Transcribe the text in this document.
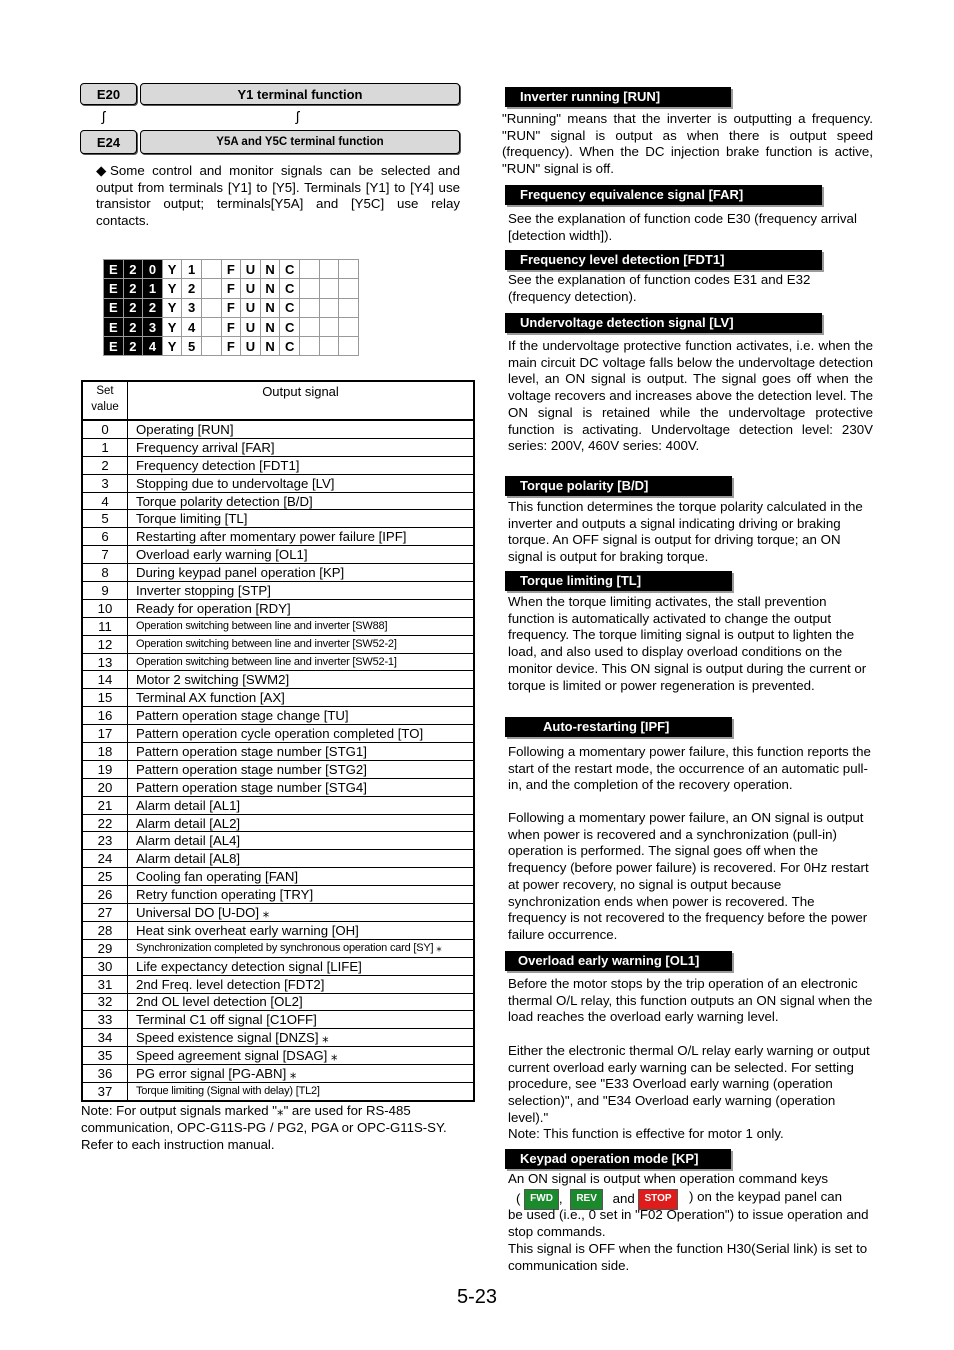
E20	Y1 terminal function
ʃ	ʃ
E24	Y5A and Y5C terminal function
◆Some control and monitor signals can be selected and output from terminals [Y1] to [Y5]. Terminals [Y1] to [Y4] use transistor output; terminals[Y5A] and [Y5C] use relay contacts.
E	2	0	Y	1		F	U	N	C			
E	2	1	Y	2		F	U	N	C			
E	2	2	Y	3		F	U	N	C			
E	2	3	Y	4		F	U	N	C			
E	2	4	Y	5		F	U	N	C			
Set
value	Output signal
0	Operating [RUN]
1	Frequency arrival [FAR]
2	Frequency detection [FDT1]
3	Stopping due to undervoltage [LV]
4	Torque polarity detection [B/D]
5	Torque limiting [TL]
6	Restarting after momentary power failure [IPF]
7	Overload early warning [OL1]
8	During keypad panel operation [KP]
9	Inverter stopping [STP]
10	Ready for operation [RDY]
11	Operation switching between line and inverter [SW88]
12	Operation switching between line and inverter [SW52-2]
13	Operation switching between line and inverter [SW52-1]
14	Motor 2 switching [SWM2]
15	Terminal AX function [AX]
16	Pattern operation stage change [TU]
17	Pattern operation cycle operation completed [TO]
18	Pattern operation stage number [STG1]
19	Pattern operation stage number [STG2]
20	Pattern operation stage number [STG4]
21	Alarm detail [AL1]
22	Alarm detail [AL2]
23	Alarm detail [AL4]
24	Alarm detail [AL8]
25	Cooling fan operating [FAN]
26	Retry function operating [TRY]
27	Universal DO [U-DO] ⁎
28	Heat sink overheat early warning [OH]
29	Synchronization completed by synchronous operation card [SY] ⁎
30	Life expectancy detection signal [LIFE]
31	2nd Freq. level detection [FDT2]
32	2nd OL level detection [OL2]
33	Terminal C1 off signal [C1OFF]
34	Speed existence signal [DNZS] ⁎
35	Speed agreement signal [DSAG] ⁎
36	PG error signal [PG-ABN] ⁎
37	Torque limiting (Signal with delay) [TL2]
Note: For output signals marked "⁎" are used for RS-485 communication, OPC-G11S-PG / PG2, PGA or OPC-G11S-SY. Refer to each instruction manual.
Inverter running [RUN]
"Running" means that the inverter is outputting a frequency. "RUN" signal is output as when there is output speed (frequency). When the DC injection brake function is active, "RUN" signal is off.
Frequency equivalence signal [FAR]
See the explanation of function code E30 (frequency arrival [detection width]).
Frequency level detection [FDT1]
See the explanation of function codes E31 and E32 (frequency detection).
Undervoltage detection signal [LV]
If the undervoltage protective function activates, i.e. when the main circuit DC voltage falls below the undervoltage detection level, an ON signal is output. The signal goes off when the voltage recovers and increases above the detection level. The ON signal is retained while the undervoltage protective function is activating. Undervoltage detection level: 230V series: 200V, 460V series: 400V.
Torque polarity [B/D]
This function determines the torque polarity calculated in the inverter and outputs a signal indicating driving or braking torque. An OFF signal is output for driving torque; an ON signal is output for braking torque.
Torque limiting [TL]
When the torque limiting activates, the stall prevention function is automatically activated to change the output frequency. The torque limiting signal is output to lighten the load, and also used to display overload conditions on the monitor device. This ON signal is output during the current or torque is limited or power regeneration is prevented.
Auto-restarting [IPF]
Following a momentary power failure, this function reports the start of the restart mode, the occurrence of an automatic pull-in, and the completion of the recovery operation.
Following a momentary power failure, an ON signal is output when power is recovered and a synchronization (pull-in) operation is performed. The signal goes off when the frequency (before power failure) is recovered. For 0Hz restart at power recovery, no signal is output because synchronization ends when power is recovered. The frequency is not recovered to the frequency before the power failure occurrence.
Overload early warning [OL1]
Before the motor stops by the trip operation of an electronic thermal O/L relay, this function outputs an ON signal when the load reaches the overload early warning level.
Either the electronic thermal O/L relay early warning or output current overload early warning can be selected. For setting procedure, see "E33 Overload early warning (operation selection)", and "E34 Overload early warning (operation level)."
Note: This function is effective for motor 1 only.
Keypad operation mode [KP]
An ON signal is output when operation command keys
( FWD , REV and STOP	) on the keypad panel can
be used (i.e., 0 set in "F02 Operation") to issue operation and stop commands.
This signal is OFF when the function H30(Serial link) is set to communication side.
5-23
